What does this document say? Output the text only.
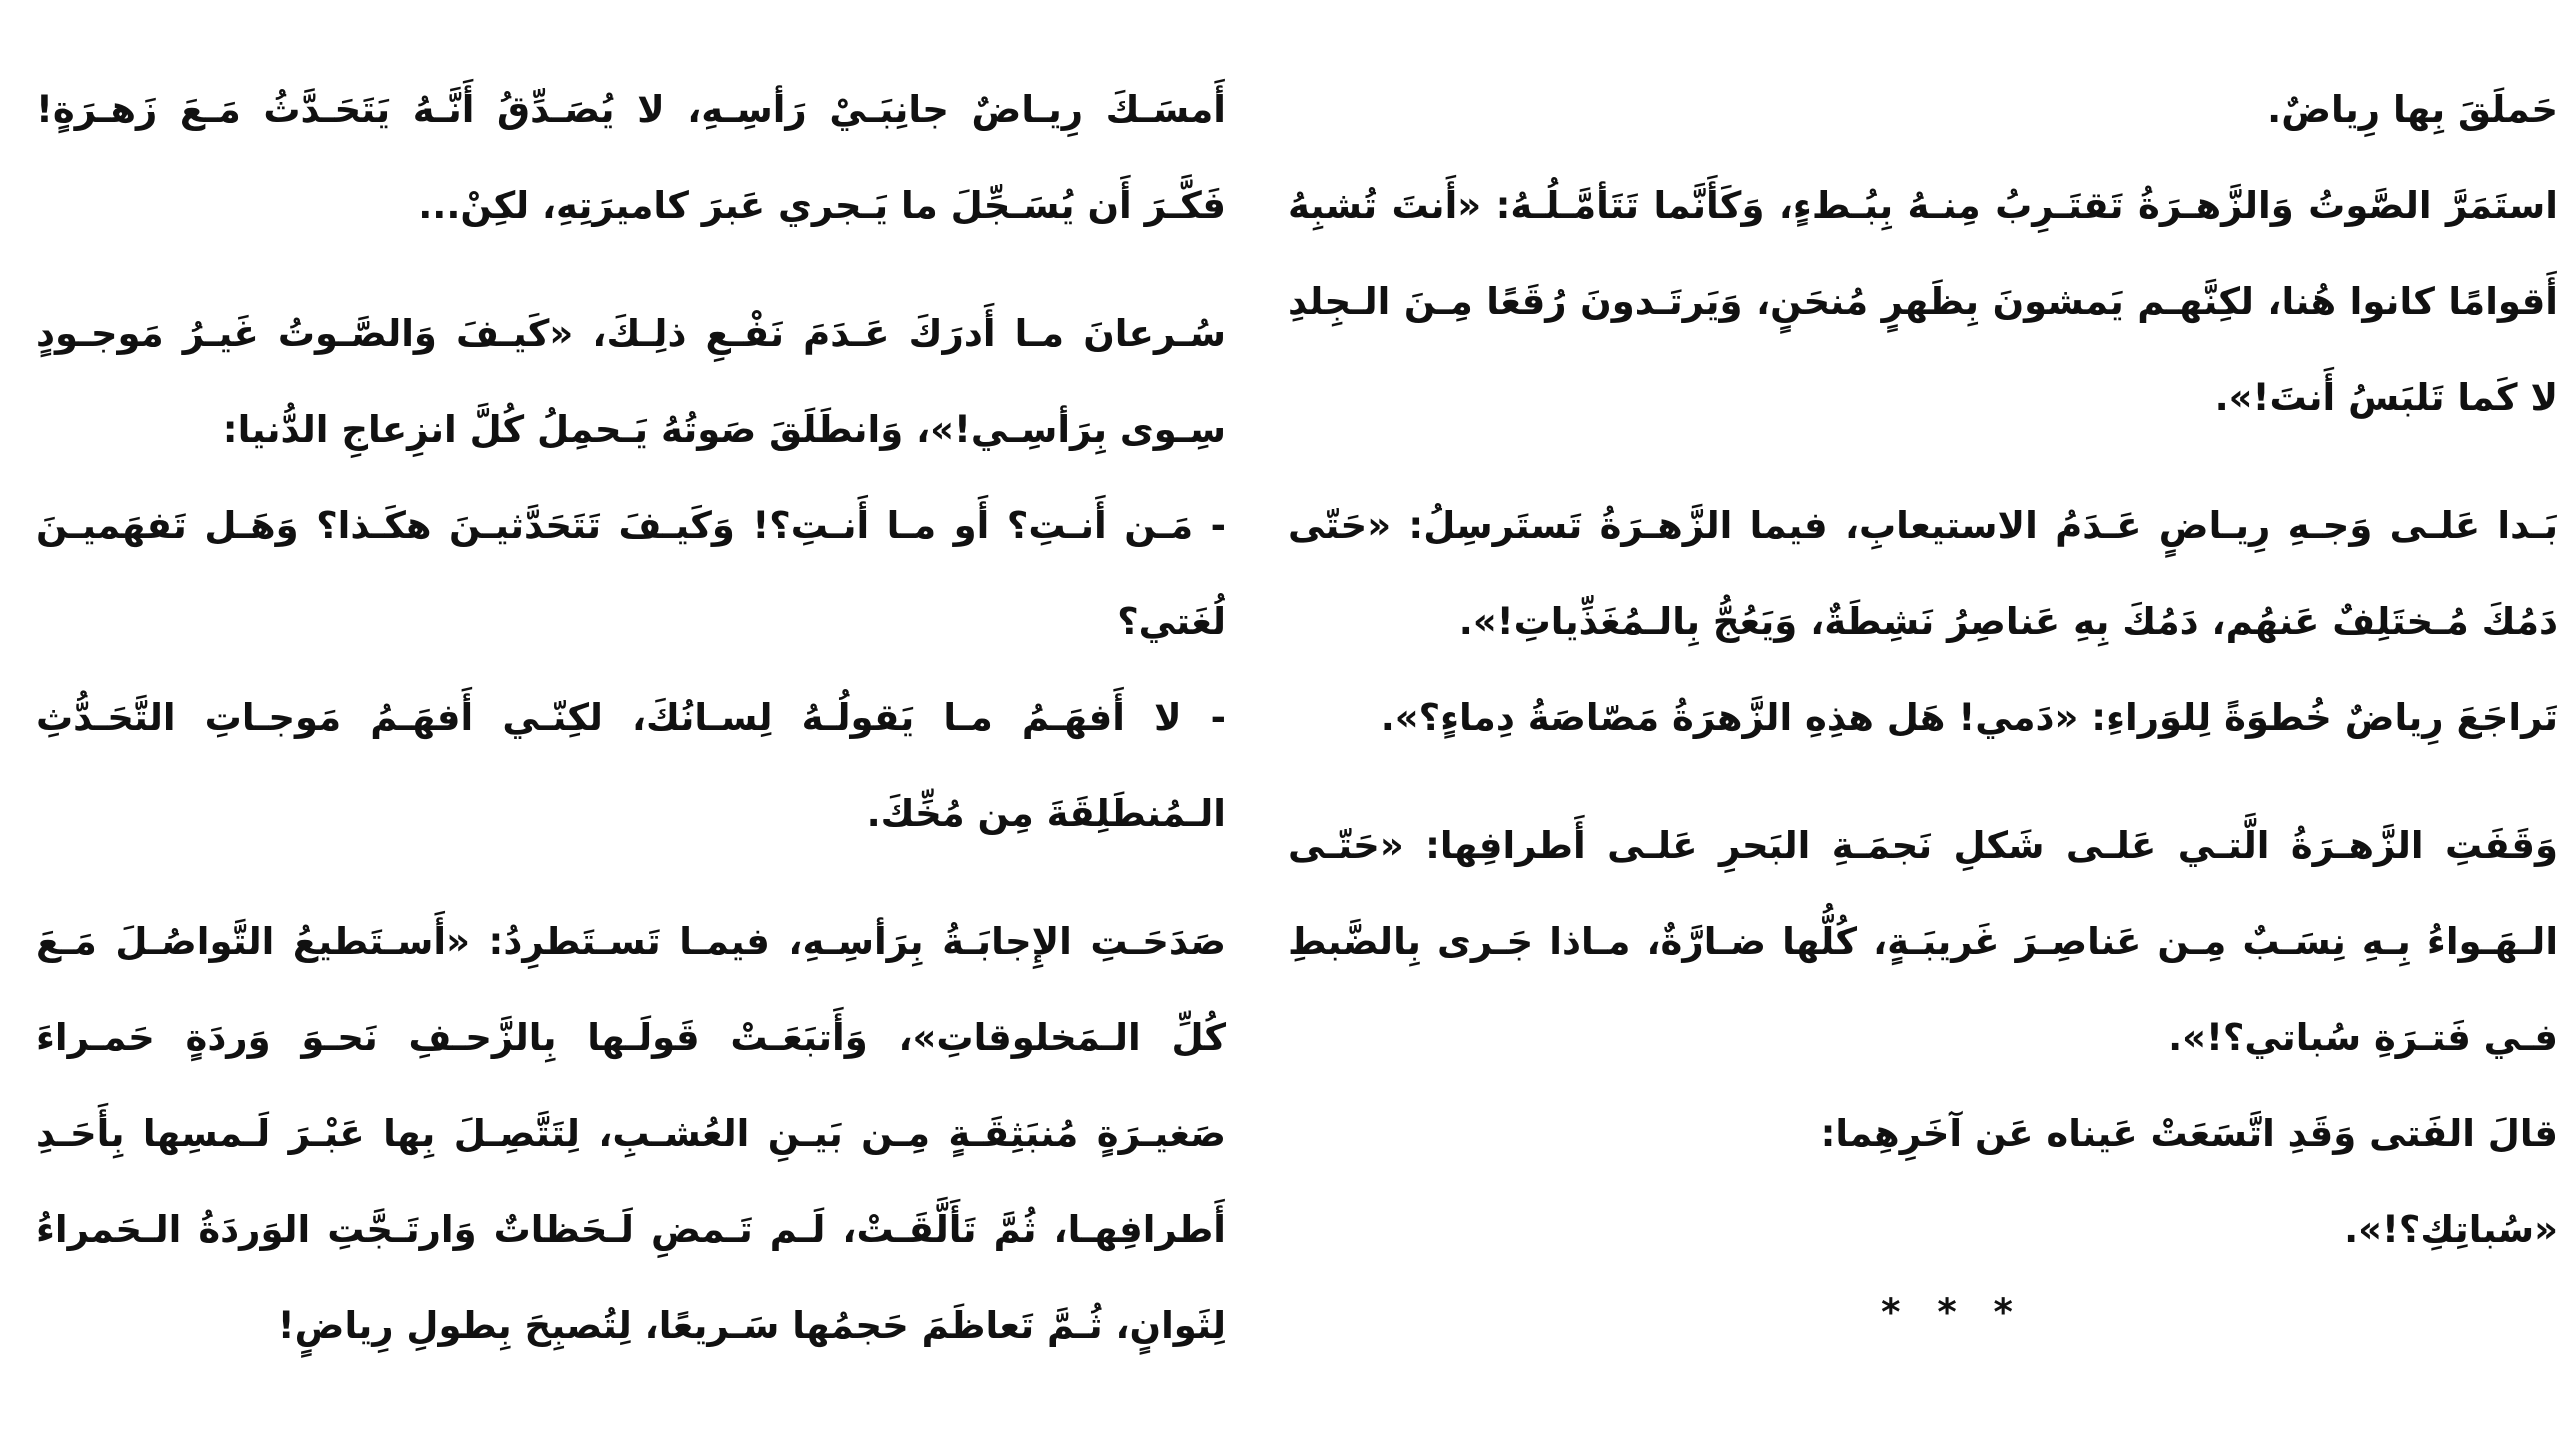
حَملَقَ بِها رِياضٌ.

استَمَرَّ الصَّوتُ وَالزَّهـرَةُ تَقتَـرِبُ مِنـهُ بِبُـطءٍ، وَكَأَنَّما تَتَأمَّـلُـهُ: «أَنتَ تُشبِهُ أَقوامًا كانوا هُنا، لكِنَّهـم يَمشونَ بِظَهرٍ مُنحَنٍ، وَيَرتَـدونَ رُقَعًا مِـنَ الـجِلدِ لا كَما تَلبَسُ أَنتَ!».

بَـدا عَلـى وَجـهِ رِيـاضٍ عَـدَمُ الاستيعابِ، فيما الزَّهـرَةُ تَستَرسِلُ: «حَتّى دَمُكَ مُـختَلِفٌ عَنهُم، دَمُكَ بِهِ عَناصِرُ نَشِطَةٌ، وَيَعُجُّ بِالـمُغَذِّياتِ!».

تَراجَعَ رِياضٌ خُطوَةً لِلوَراءِ: «دَمي! هَل هذِهِ الزَّهرَةُ مَصّاصَةُ دِماءٍ؟».

وَقَفَتِ الزَّهـرَةُ الَّتـي عَلـى شَكلِ نَجمَـةِ البَحرِ عَلـى أَطرافِها: «حَتّـى الـهَـواءُ بِـهِ نِسَـبٌ مِـن عَناصِـرَ غَريبَـةٍ، كُلُّها ضـارَّةٌ، مـاذا جَـرى بِالضَّبطِ فـي فَتـرَةِ سُباتي؟!».

قالَ الفَتى وَقَدِ اتَّسَعَتْ عَيناه عَن آخَرِهِما:

«سُباتِكِ؟!».

* * *

أَمسَـكَ رِيـاضٌ جانِبَـيْ رَأسِـهِ، لا يُصَـدِّقُ أَنَّـهُ يَتَحَـدَّثُ مَـعَ زَهـرَةٍ! فَكَّـرَ أَن يُسَـجِّلَ ما يَـجري عَبرَ كاميرَتِهِ، لكِنْ...

سُـرعانَ مـا أَدرَكَ عَـدَمَ نَفْـعِ ذلِـكَ، «كَيـفَ وَالصَّـوتُ غَيـرُ مَوجـودٍ سِـوى بِرَأسِـي!»، وَانطَلَقَ صَوتُهُ يَـحمِلُ كُلَّ انزِعاجِ الدُّنيا:

- مَـن أَنـتِ؟ أَو مـا أَنـتِ؟! وَكَيـفَ تَتَحَدَّثيـنَ هكَـذا؟ وَهَـل تَفهَميـنَ لُغَتي؟

- لا أَفهَـمُ مـا يَقولُـهُ لِسـانُكَ، لكِنّـي أَفهَـمُ مَوجـاتِ التَّحَـدُّثِ الـمُنطَلِقَةَ مِن مُخِّكَ.

صَدَحَـتِ الإِجابَـةُ بِرَأسِـهِ، فيمـا تَسـتَطرِدُ: «أَسـتَطيعُ التَّواصُـلَ مَـعَ كُلِّ الـمَخلوقاتِ»، وَأَتبَعَـتْ قَولَـها بِالزَّحـفِ نَحـوَ وَردَةٍ حَمـراءَ صَغيـرَةٍ مُنبَثِقَـةٍ مِـن بَيـنِ العُشـبِ، لِتَتَّصِـلَ بِها عَبْـرَ لَـمسِها بِأَحَـدِ أَطرافِهـا، ثُمَّ تَأَلَّقَـتْ، لَـم تَـمضِ لَـحَظاتٌ وَارتَـجَّتِ الوَردَةُ الـحَمراءُ لِثَوانٍ، ثُـمَّ تَعاظَمَ حَجمُها سَـريعًا، لِتُصبِحَ بِطولِ رِياضٍ!
